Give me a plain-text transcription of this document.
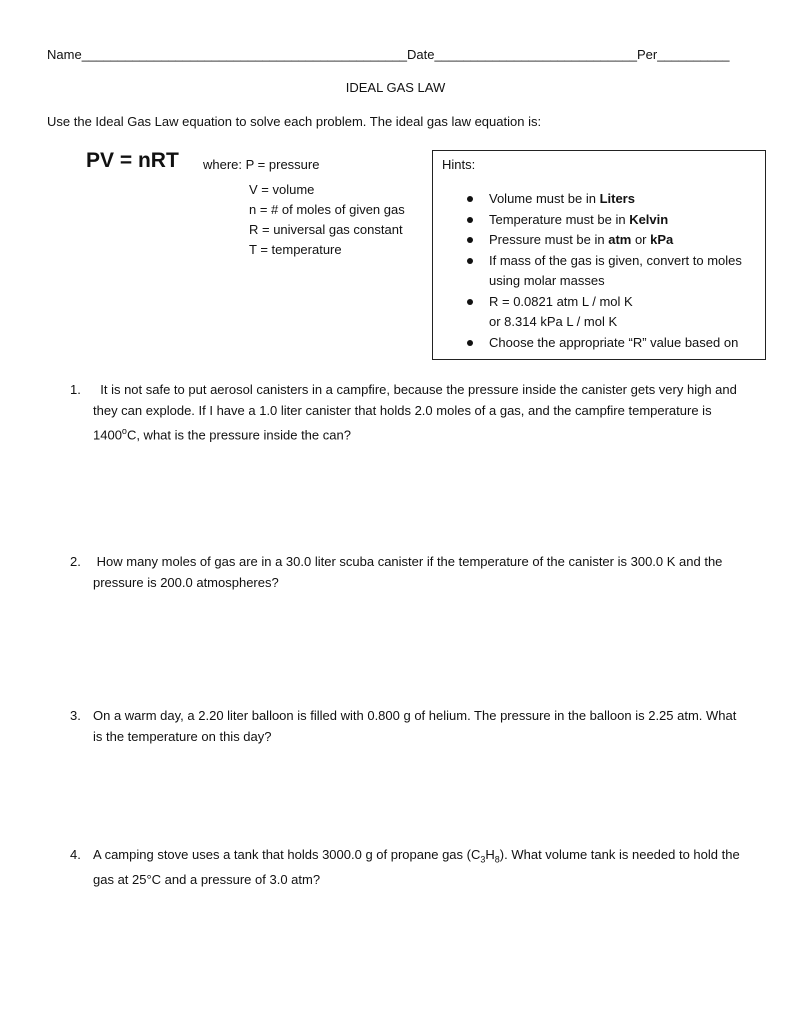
Name_____________________________________________Date____________________________Per__________
IDEAL GAS LAW
Use the Ideal Gas Law equation to solve each problem. The ideal gas law equation is:
PV = nRT where: P = pressure
V = volume
n = # of moles of given gas
R = universal gas constant
T = temperature
Hints:
Volume must be in Liters
Temperature must be in Kelvin
Pressure must be in atm or kPa
If mass of the gas is given, convert to moles using molar masses
R = 0.0821 atm L / mol K
or 8.314 kPa L / mol K
Choose the appropriate “R” value based on
1.	It is not safe to put aerosol canisters in a campfire, because the pressure inside the canister gets very high and they can explode. If I have a 1.0 liter canister that holds 2.0 moles of a gas, and the campfire temperature is 1400$^o$C, what is the pressure inside the can?
2. How many moles of gas are in a 30.0 liter scuba canister if the temperature of the canister is 300.0 K and the pressure is 200.0 atmospheres?
3. On a warm day, a 2.20 liter balloon is filled with 0.800 g of helium. The pressure in the balloon is 2.25 atm. What is the temperature on this day?
4. A camping stove uses a tank that holds 3000.0 g of propane gas $(C_3H_8)$. What volume tank is needed to hold the gas at 25°C and a pressure of 3.0 atm?
